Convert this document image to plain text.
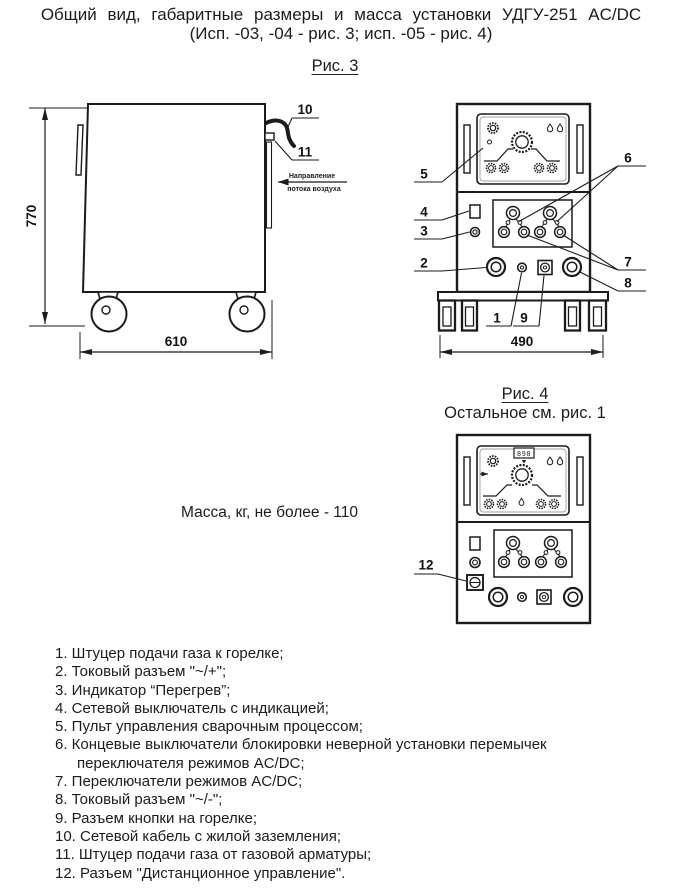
Общий вид, габаритные размеры и масса установки УДГУ-251 AC/DC
(Исп. -03, -04 - рис. 3; исп. -05 - рис. 4)
Рис. 3
770
10
11
Направление
потока воздуха
610	490
5
4
3
2
6
7
8
1 9
Рис. 4
Остальное см. рис. 1
898
12
Масса, кг, не более - 110
1. Штуцер подачи газа к горелке;
2. Токовый разъем "~/+";
3. Индикатор “Перегрев”;
4. Сетевой выключатель с индикацией;
5. Пульт управления сварочным процессом;
6. Концевые выключатели блокировки неверной установки перемычек
переключателя режимов AC/DC;
7. Переключатели режимов AC/DC;
8. Токовый разъем "~/-";
9. Разъем кнопки на горелке;
10. Сетевой кабель с жилой заземления;
11. Штуцер подачи газа от газовой арматуры;
12. Разъем "Дистанционное управление".
